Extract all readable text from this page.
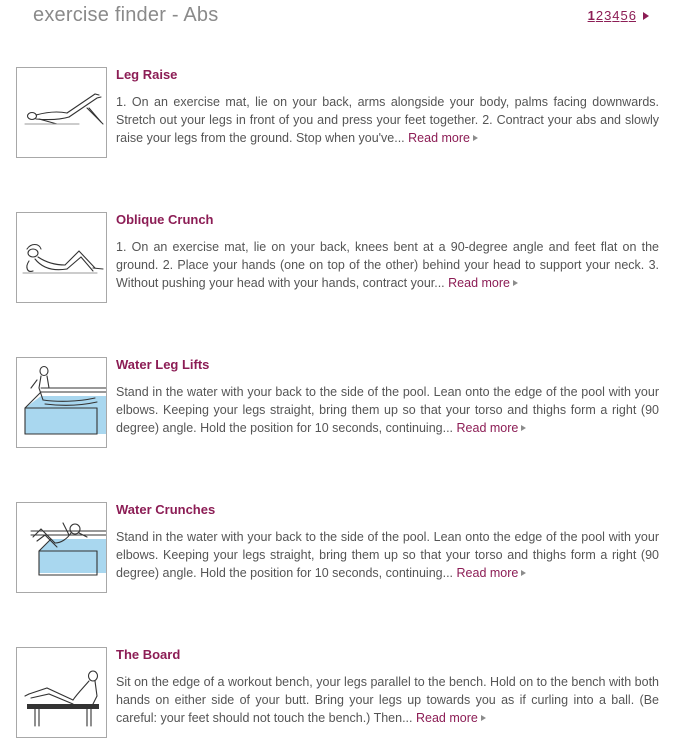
exercise finder - Abs	1 2 3 4 5 6
Leg Raise

1. On an exercise mat, lie on your back, arms alongside your body, palms facing downwards. Stretch out your legs in front of you and press your feet together. 2. Contract your abs and slowly raise your legs from the ground. Stop when you've... Read more

Oblique Crunch

1. On an exercise mat, lie on your back, knees bent at a 90-degree angle and feet flat on the ground. 2. Place your hands (one on top of the other) behind your head to support your neck. 3. Without pushing your head with your hands, contract your... Read more

Water Leg Lifts

Stand in the water with your back to the side of the pool. Lean onto the edge of the pool with your elbows. Keeping your legs straight, bring them up so that your torso and thighs form a right (90 degree) angle. Hold the position for 10 seconds, continuing... Read more

Water Crunches

Stand in the water with your back to the side of the pool. Lean onto the edge of the pool with your elbows. Keeping your legs straight, bring them up so that your torso and thighs form a right (90 degree) angle. Hold the position for 10 seconds, continuing... Read more

The Board

Sit on the edge of a workout bench, your legs parallel to the bench. Hold on to the bench with both hands on either side of your butt. Bring your legs up towards you as if curling into a ball. (Be careful: your feet should not touch the bench.) Then... Read more
